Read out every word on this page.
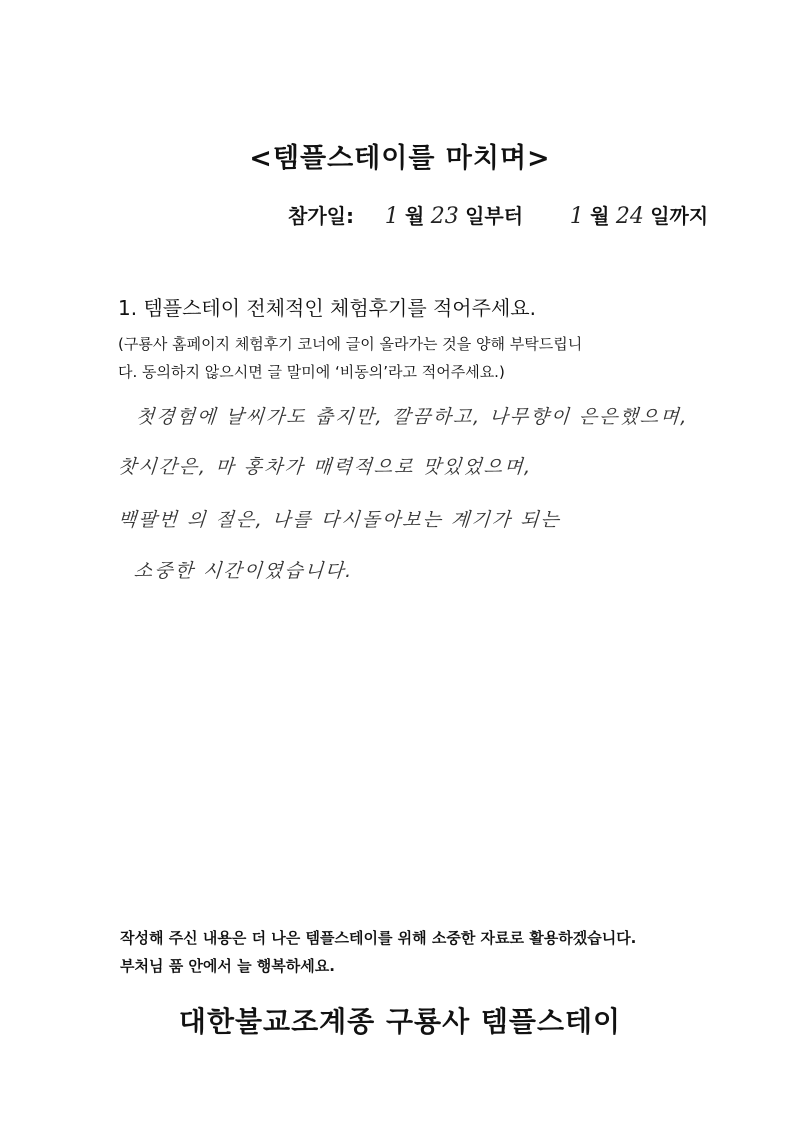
<템플스테이를 마치며>
참가일: 1 월 23 일부터 1 월 24 일까지
1. 템플스테이 전체적인 체험후기를 적어주세요.
(구룡사 홈페이지 체험후기 코너에 글이 올라가는 것을 양해 부탁드립니
다. 동의하지 않으시면 글 말미에 ‘비동의’라고 적어주세요.)
첫경험에 날씨가도 춥지만, 깔끔하고, 나무향이 은은했으며,
찻시간은, 마 홍차가 매력적으로 맛있었으며,
백팔번 의 절은, 나를 다시돌아보는 계기가 되는
소중한 시간이였습니다.
작성해 주신 내용은 더 나은 템플스테이를 위해 소중한 자료로 활용하겠습니다.
부처님 품 안에서 늘 행복하세요.
대한불교조계종 구룡사 템플스테이
